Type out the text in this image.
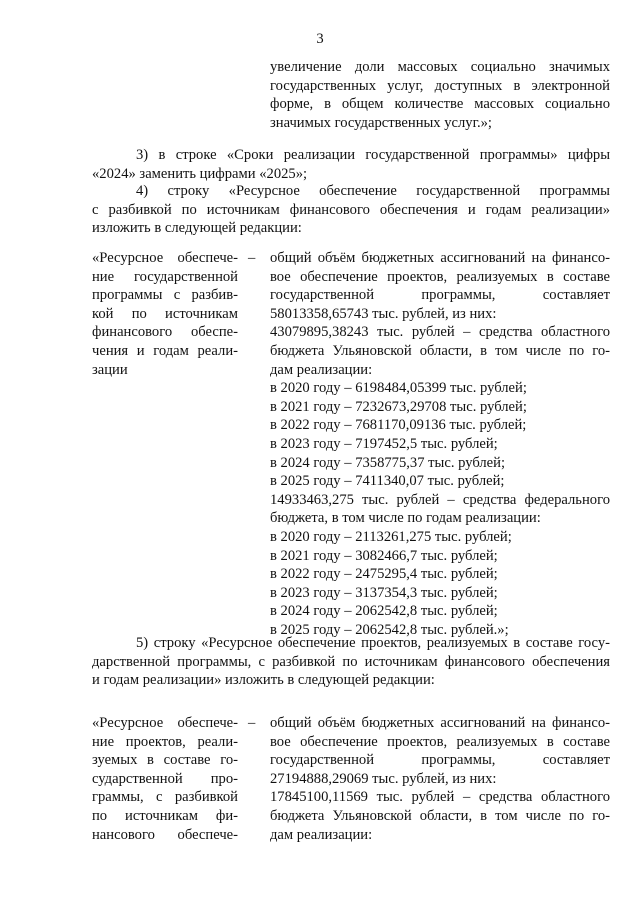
3
увеличение доли массовых социально значимых
государственных услуг, доступных в электронной
форме, в общем количестве массовых социально
значимых государственных услуг.»;
3) в строке «Сроки реализации государственной программы» цифры
«2024» заменить цифрами «2025»;
4) строку «Ресурсное обеспечение государственной программы
с разбивкой по источникам финансового обеспечения и годам реализации»
изложить в следующей редакции:
«Ресурсное обеспече-
ние государственной
программы с разбив-
кой по источникам
финансового обеспе-
чения и годам реали-
зации
– общий объём бюджетных ассигнований на финансо-
вое обеспечение проектов, реализуемых в составе
государственной программы, составляет
58013358,65743 тыс. рублей, из них:
43079895,38243 тыс. рублей – средства областного
бюджета Ульяновской области, в том числе по го-
дам реализации:
в 2020 году – 6198484,05399 тыс. рублей;
в 2021 году – 7232673,29708 тыс. рублей;
в 2022 году – 7681170,09136 тыс. рублей;
в 2023 году – 7197452,5 тыс. рублей;
в 2024 году – 7358775,37 тыс. рублей;
в 2025 году – 7411340,07 тыс. рублей;
14933463,275 тыс. рублей – средства федерального
бюджета, в том числе по годам реализации:
в 2020 году – 2113261,275 тыс. рублей;
в 2021 году – 3082466,7 тыс. рублей;
в 2022 году – 2475295,4 тыс. рублей;
в 2023 году – 3137354,3 тыс. рублей;
в 2024 году – 2062542,8 тыс. рублей;
в 2025 году – 2062542,8 тыс. рублей.»;
5) строку «Ресурсное обеспечение проектов, реализуемых в составе госу-
дарственной программы, с разбивкой по источникам финансового обеспечения
и годам реализации» изложить в следующей редакции:
«Ресурсное обеспече-
ние проектов, реали-
зуемых в составе го-
сударственной про-
граммы, с разбивкой
по источникам фи-
нансового обеспече-
– общий объём бюджетных ассигнований на финансо-
вое обеспечение проектов, реализуемых в составе
государственной программы, составляет
27194888,29069 тыс. рублей, из них:
17845100,11569 тыс. рублей – средства областного
бюджета Ульяновской области, в том числе по го-
дам реализации:
